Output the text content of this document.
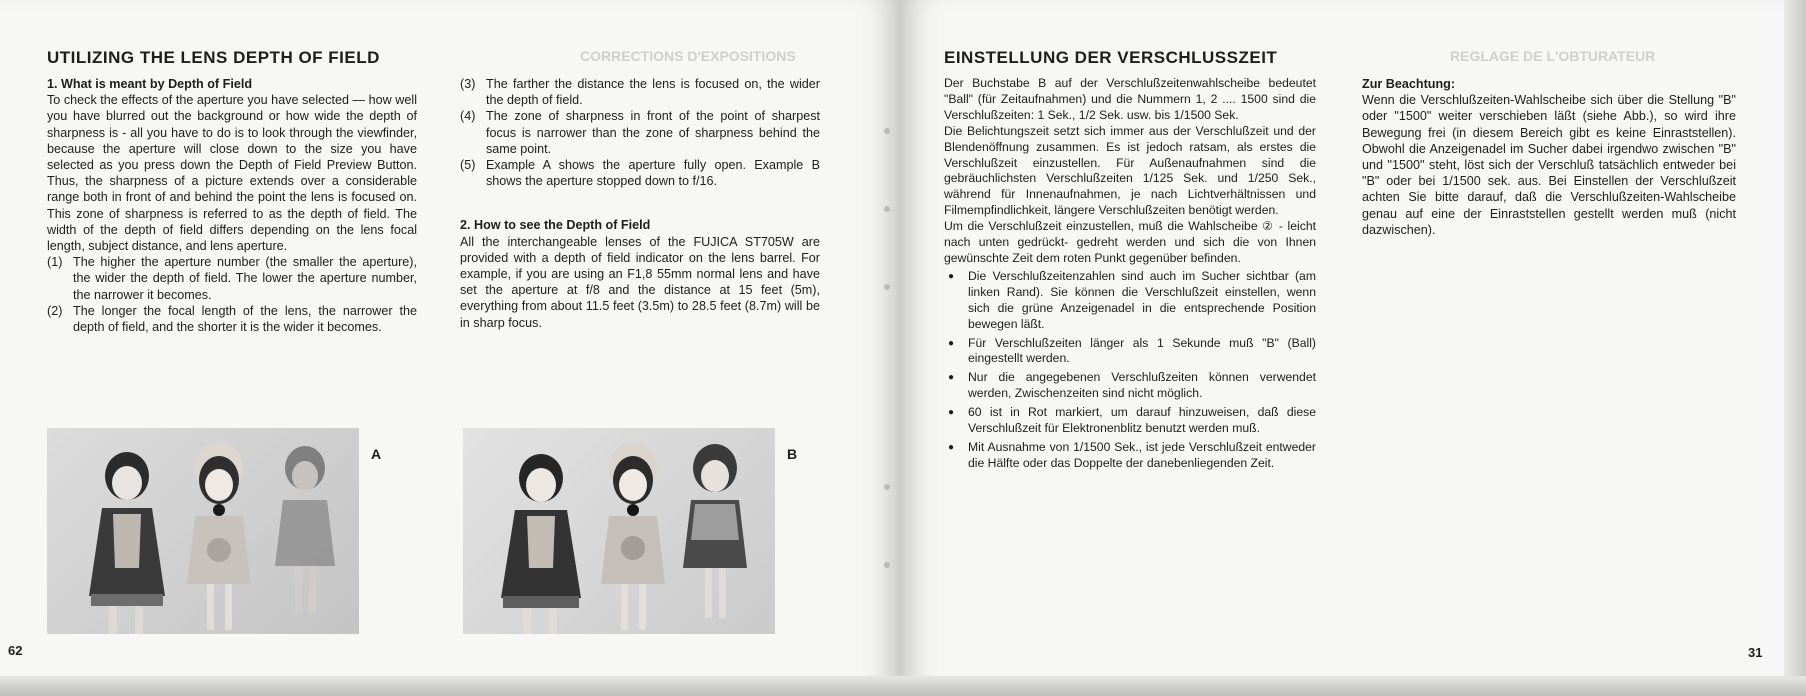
CORRECTIONS D'EXPOSITIONS
UTILIZING THE LENS DEPTH OF FIELD

1. What is meant by Depth of Field

To check the effects of the aperture you have selected — how well you have blurred out the background or how wide the depth of sharpness is - all you have to do is to look through the viewfinder, because the aperture will close down to the size you have selected as you press down the Depth of Field Preview Button. Thus, the sharpness of a picture extends over a considerable range both in front of and behind the point the lens is focused on. This zone of sharpness is referred to as the depth of field. The width of the depth of field differs depending on the lens focal length, subject distance, and lens aperture.

(1) The higher the aperture number (the smaller the aperture), the wider the depth of field. The lower the aperture number, the narrower it becomes.
(2) The longer the focal length of the lens, the narrower the depth of field, and the shorter it is the wider it becomes.
(3) The farther the distance the lens is focused on, the wider the depth of field.
(4) The zone of sharpness in front of the point of sharpest focus is narrower than the zone of sharpness behind the same point.
(5) Example A shows the aperture fully open. Example B shows the aperture stopped down to f/16.

2. How to see the Depth of Field

All the interchangeable lenses of the FUJICA ST705W are provided with a depth of field indicator on the lens barrel. For example, if you are using an F1,8 55mm normal lens and have set the aperture at f/8 and the distance at 15 feet (5m), everything from about 11.5 feet (3.5m) to 28.5 feet (8.7m) will be in sharp focus.

A	B
62
REGLAGE DE L'OBTURATEUR
EINSTELLUNG DER VERSCHLUSSZEIT

Der Buchstabe B auf der Verschlußzeitenwahlscheibe bedeutet "Ball" (für Zeitaufnahmen) und die Nummern 1, 2 .... 1500 sind die Verschlußzeiten: 1 Sek., 1/2 Sek. usw. bis 1/1500 Sek.

Die Belichtungszeit setzt sich immer aus der Verschlußzeit und der Blendenöffnung zusammen. Es ist jedoch ratsam, als erstes die Verschlußzeit einzustellen. Für Außenaufnahmen sind die gebräuchlichsten Verschlußzeiten 1/125 Sek. und 1/250 Sek., während für Innenaufnahmen, je nach Lichtverhältnissen und Filmempfindlichkeit, längere Verschlußzeiten benötigt werden.

Um die Verschlußzeit einzustellen, muß die Wahlscheibe ② - leicht nach unten gedrückt- gedreht werden und sich die von Ihnen gewünschte Zeit dem roten Punkt gegenüber befinden.

● Die Verschlußzeitenzahlen sind auch im Sucher sichtbar (am linken Rand). Sie können die Verschlußzeit einstellen, wenn sich die grüne Anzeigenadel in die entsprechende Position bewegen läßt.
● Für Verschlußzeiten länger als 1 Sekunde muß "B" (Ball) eingestellt werden.
● Nur die angegebenen Verschlußzeiten können verwendet werden, Zwischenzeiten sind nicht möglich.
● 60 ist in Rot markiert, um darauf hinzuweisen, daß diese Verschlußzeit für Elektronenblitz benutzt werden muß.
● Mit Ausnahme von 1/1500 Sek., ist jede Verschlußzeit entweder die Hälfte oder das Doppelte der danebenliegenden Zeit.

Zur Beachtung:

Wenn die Verschlußzeiten-Wahlscheibe sich über die Stellung "B" oder "1500" weiter verschieben läßt (siehe Abb.), so wird ihre Bewegung frei (in diesem Bereich gibt es keine Einraststellen). Obwohl die Anzeigenadel im Sucher dabei irgendwo zwischen "B" und "1500" steht, löst sich der Verschluß tatsächlich entweder bei "B" oder bei 1/1500 sek. aus. Bei Einstellen der Verschlußzeit achten Sie bitte darauf, daß die Verschlußzeiten-Wahlscheibe genau auf eine der Einraststellen gestellt werden muß (nicht dazwischen).

31
